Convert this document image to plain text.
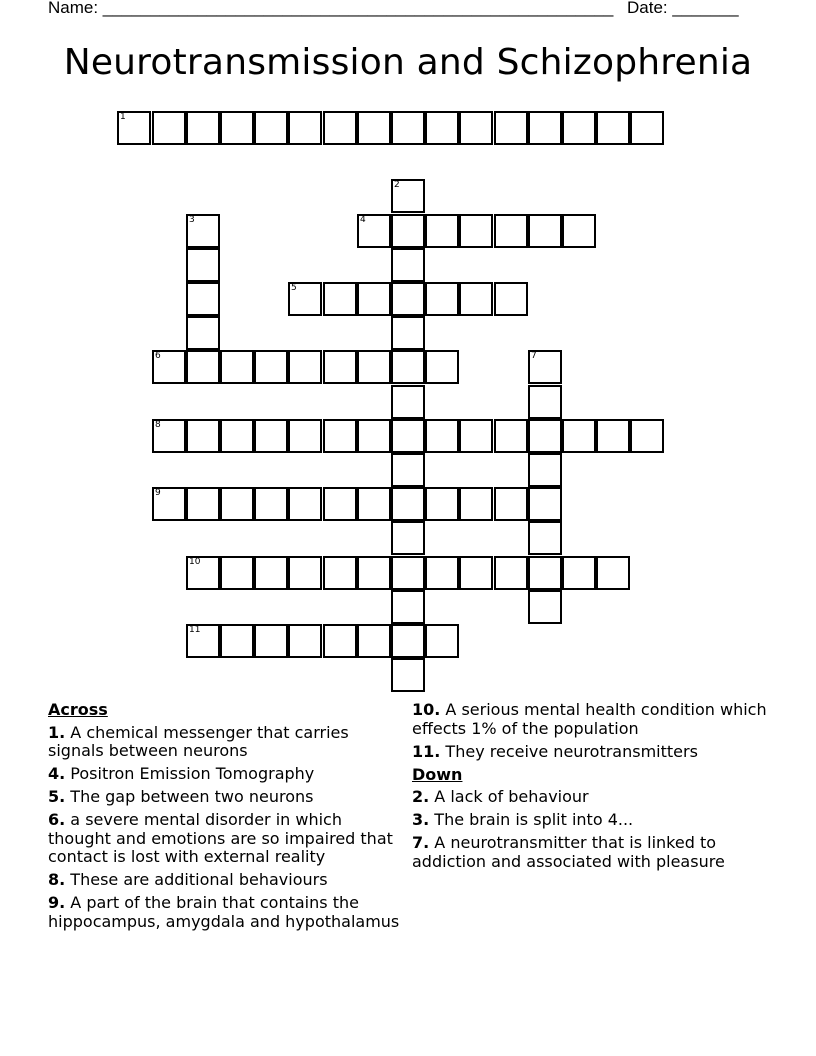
Name: ______________________________________________________ Date: _______
Neurotransmission and Schizophrenia
1
2
3	4
5
6	7
8
9
10
11
Across
1. A chemical messenger that carries signals between neurons
4. Positron Emission Tomography
5. The gap between two neurons
6. a severe mental disorder in which thought and emotions are so impaired that contact is lost with external reality
8. These are additional behaviours
9. A part of the brain that contains the hippocampus, amygdala and hypothalamus
10. A serious mental health condition which effects 1% of the population
11. They receive neurotransmitters
Down
2. A lack of behaviour
3. The brain is split into 4...
7. A neurotransmitter that is linked to addiction and associated with pleasure
